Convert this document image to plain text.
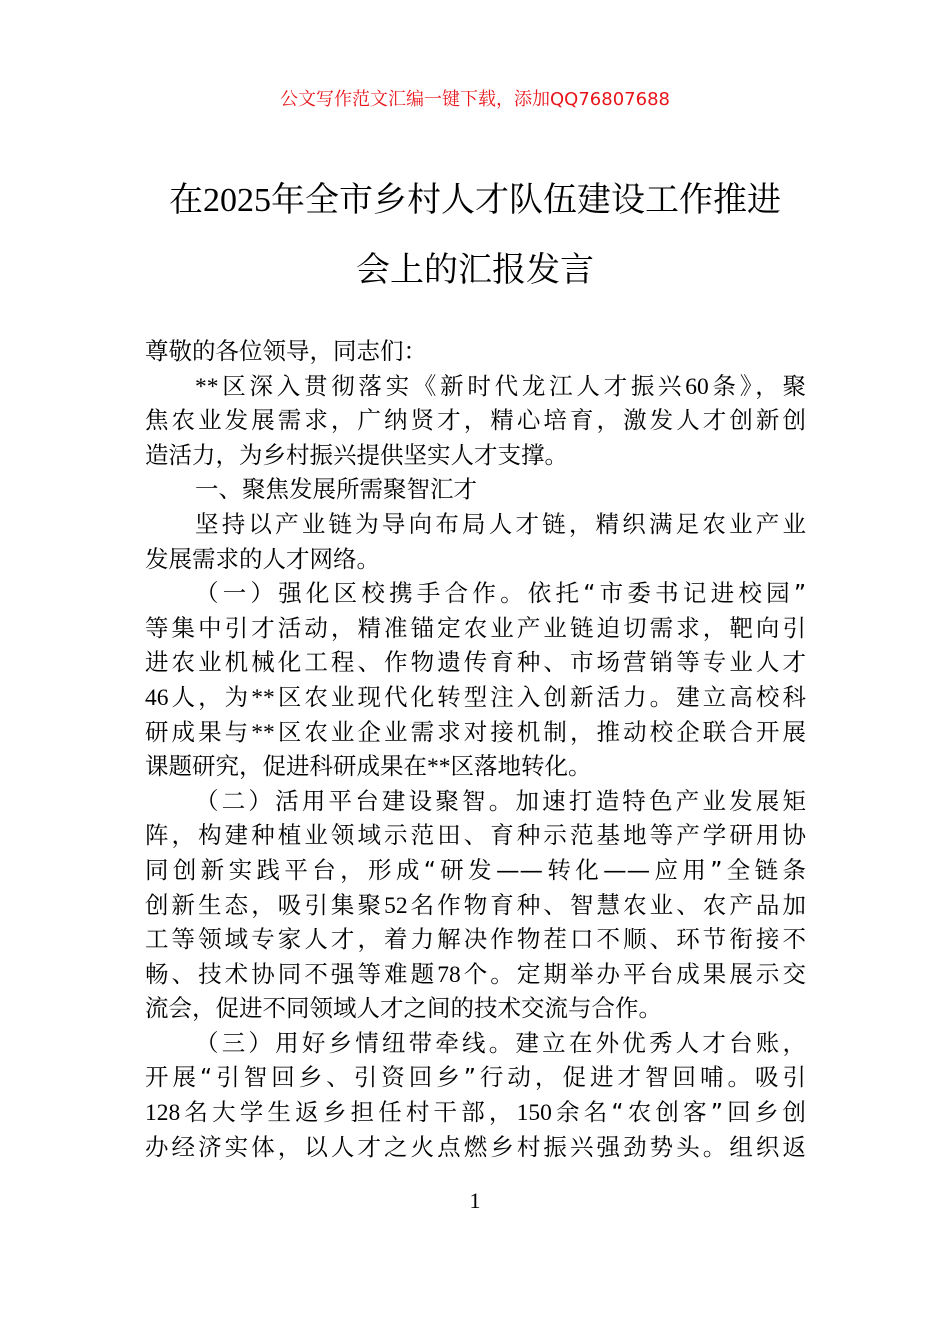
公文写作范文汇编一键下载，添加QQ76807688
在2025年全市乡村人才队伍建设工作推进
会上的汇报发言
尊敬的各位领导，同志们：
**区深入贯彻落实《新时代龙江人才振兴60条》，聚
焦农业发展需求，广纳贤才，精心培育，激发人才创新创
造活力，为乡村振兴提供坚实人才支撑。
一、聚焦发展所需聚智汇才
坚持以产业链为导向布局人才链，精织满足农业产业
发展需求的人才网络。
（一）强化区校携手合作。依托“市委书记进校园”
等集中引才活动，精准锚定农业产业链迫切需求，靶向引
进农业机械化工程、作物遗传育种、市场营销等专业人才
46人，为**区农业现代化转型注入创新活力。建立高校科
研成果与**区农业企业需求对接机制，推动校企联合开展
课题研究，促进科研成果在**区落地转化。
（二）活用平台建设聚智。加速打造特色产业发展矩
阵，构建种植业领域示范田、育种示范基地等产学研用协
同创新实践平台，形成“研发——转化——应用”全链条
创新生态，吸引集聚52名作物育种、智慧农业、农产品加
工等领域专家人才，着力解决作物茬口不顺、环节衔接不
畅、技术协同不强等难题78个。定期举办平台成果展示交
流会，促进不同领域人才之间的技术交流与合作。
（三）用好乡情纽带牵线。建立在外优秀人才台账，
开展“引智回乡、引资回乡”行动，促进才智回哺。吸引
128名大学生返乡担任村干部，150余名“农创客”回乡创
办经济实体，以人才之火点燃乡村振兴强劲势头。组织返
1
